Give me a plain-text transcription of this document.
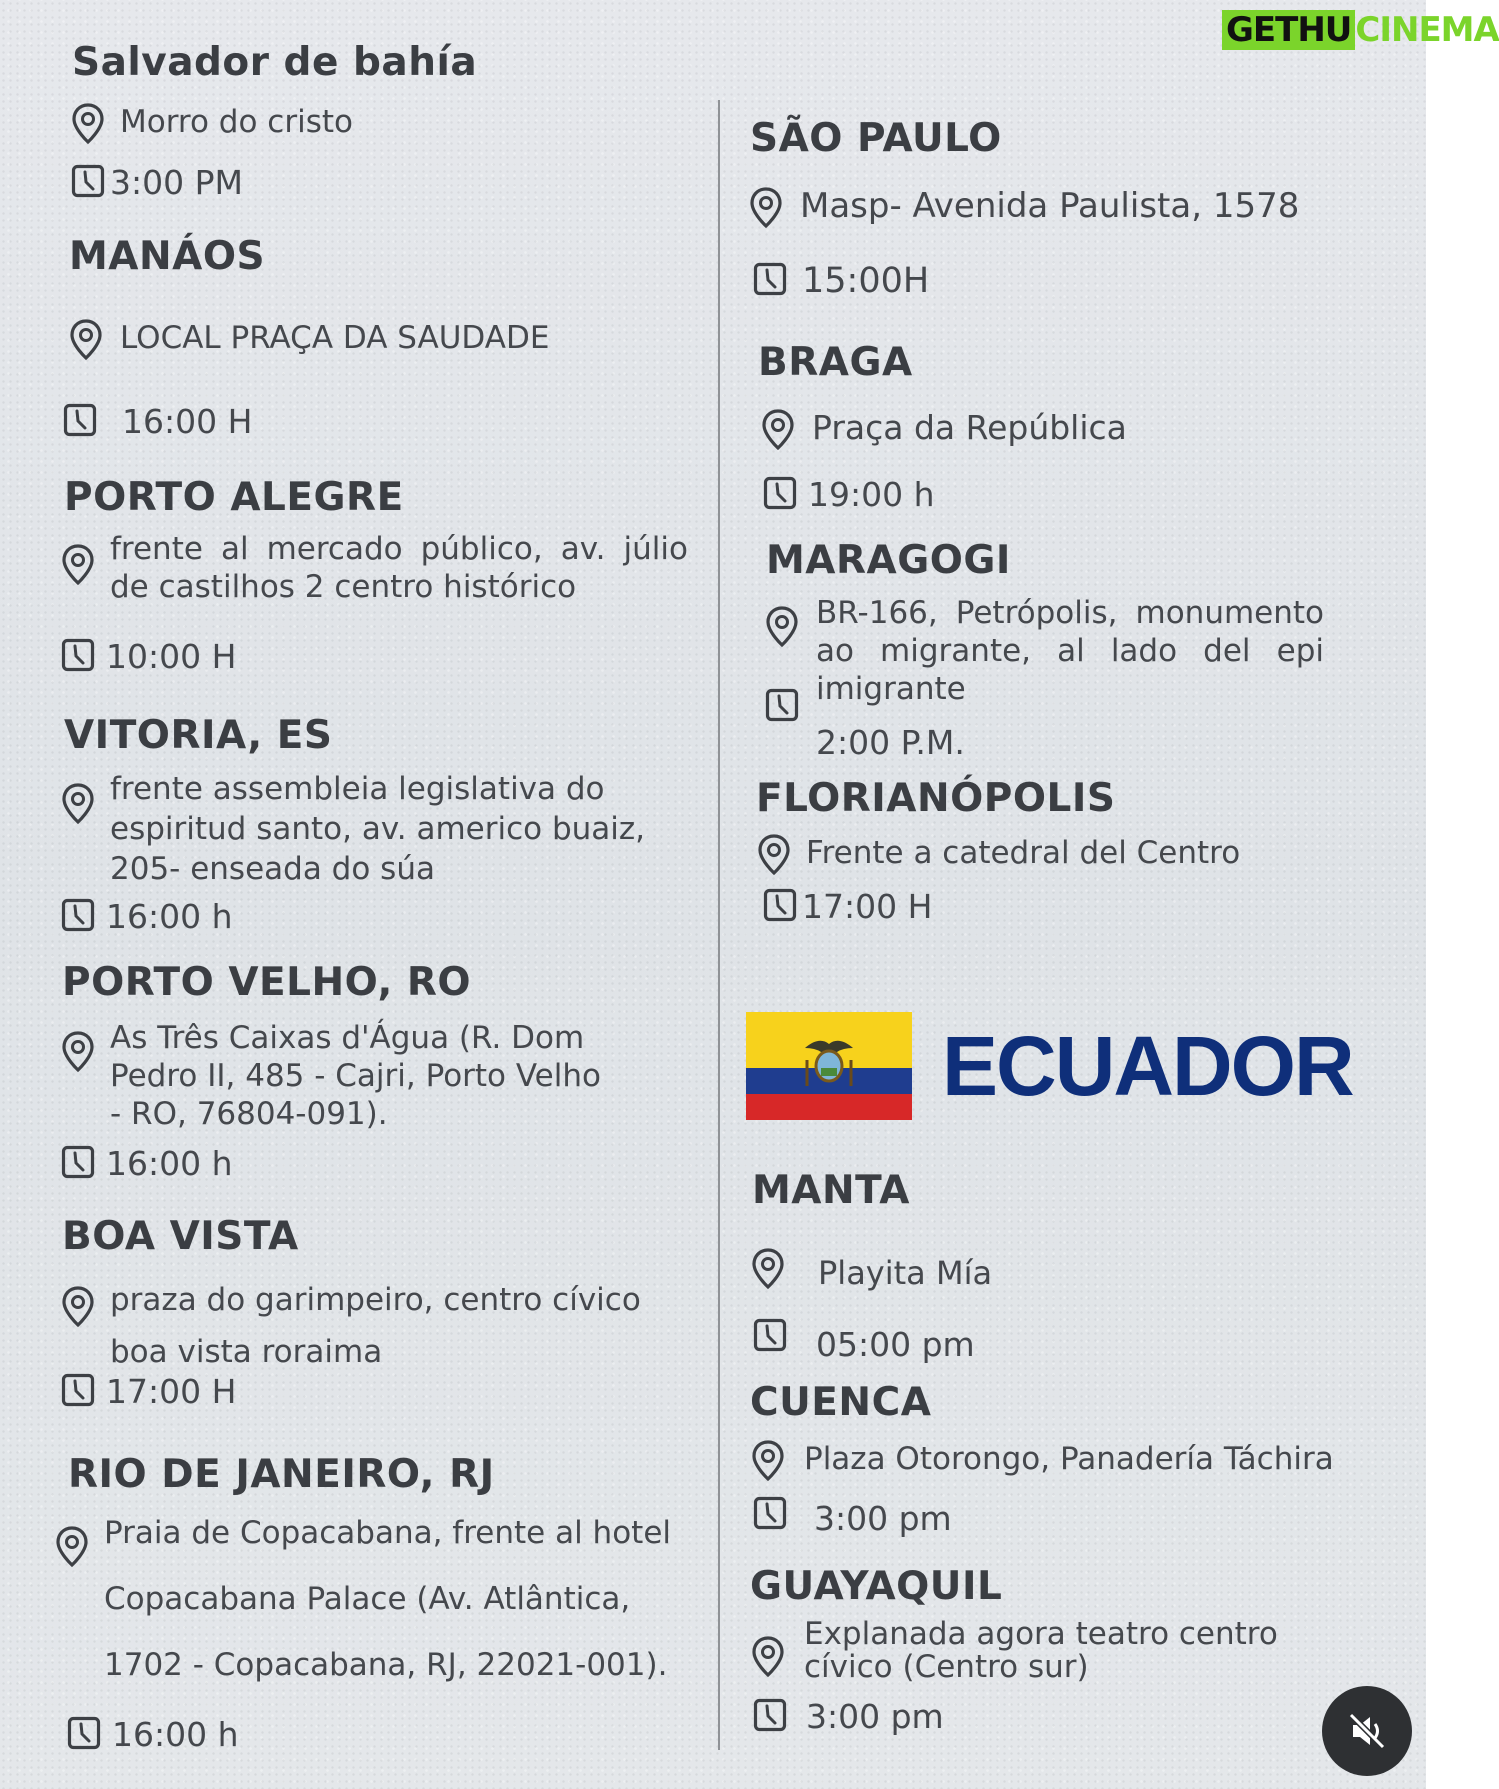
Salvador de bahía
Morro do cristo
3:00 PM
MANÁOS
LOCAL PRAÇA DA SAUDADE
16:00 H
PORTO ALEGRE
frente al mercado público, av. júlio de castilhos 2 centro histórico
10:00 H
VITORIA, ES
frente assembleia legislativa do espiritud santo, av. americo buaiz, 205- enseada do súa
16:00 h
PORTO VELHO, RO
As Três Caixas d'Água (R. Dom Pedro II, 485 - Cajri, Porto Velho - RO, 76804-091).
16:00 h
BOA VISTA
praza do garimpeiro, centro cívico boa vista roraima
17:00 H
RIO DE JANEIRO, RJ
Praia de Copacabana, frente al hotel Copacabana Palace (Av. Atlântica, 1702 - Copacabana, RJ, 22021-001).
16:00 h
SÃO PAULO
Masp- Avenida Paulista, 1578
15:00H
BRAGA
Praça da República
19:00 h
MARAGOGI
BR-166, Petrópolis, monumento ao migrante, al lado del epi imigrante
2:00 P.M.
FLORIANÓPOLIS
Frente a catedral del Centro
17:00 H
ECUADOR
MANTA
Playita Mía
05:00 pm
CUENCA
Plaza Otorongo, Panadería Táchira
3:00 pm
GUAYAQUIL
Explanada agora teatro centro cívico (Centro sur)
3:00 pm
GETHU CINEMA
